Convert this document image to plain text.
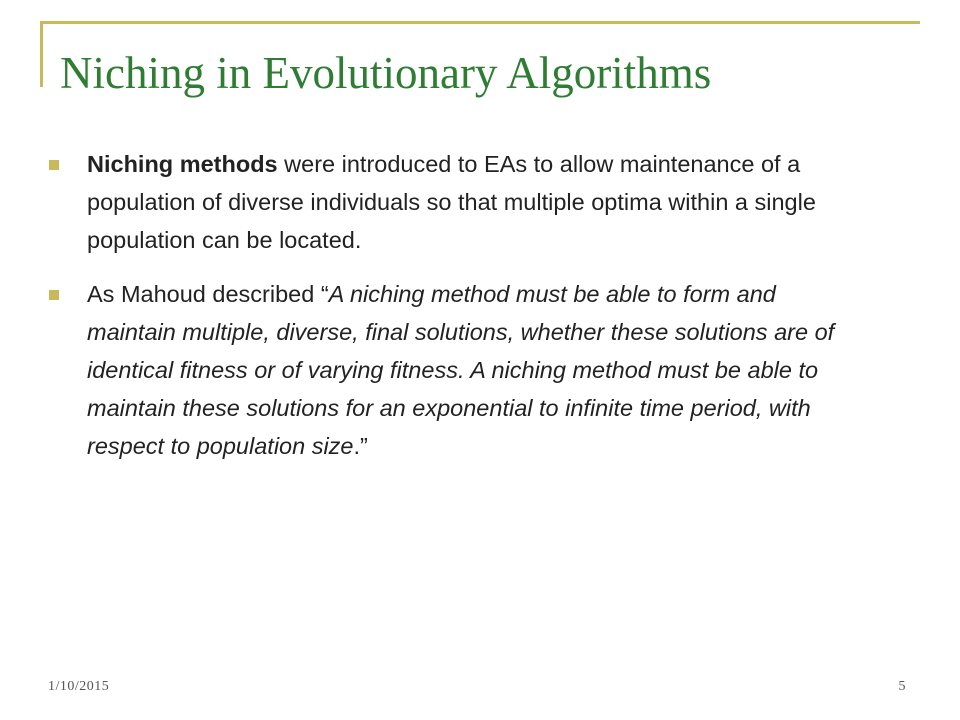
Niching in Evolutionary Algorithms
Niching methods were introduced to EAs to allow maintenance of a population of diverse individuals so that multiple optima within a single population can be located.
As Mahoud described “A niching method must be able to form and maintain multiple, diverse, final solutions, whether these solutions are of identical fitness or of varying fitness. A niching method must be able to maintain these solutions for an exponential to infinite time period, with respect to population size.”
1/10/2015	5
